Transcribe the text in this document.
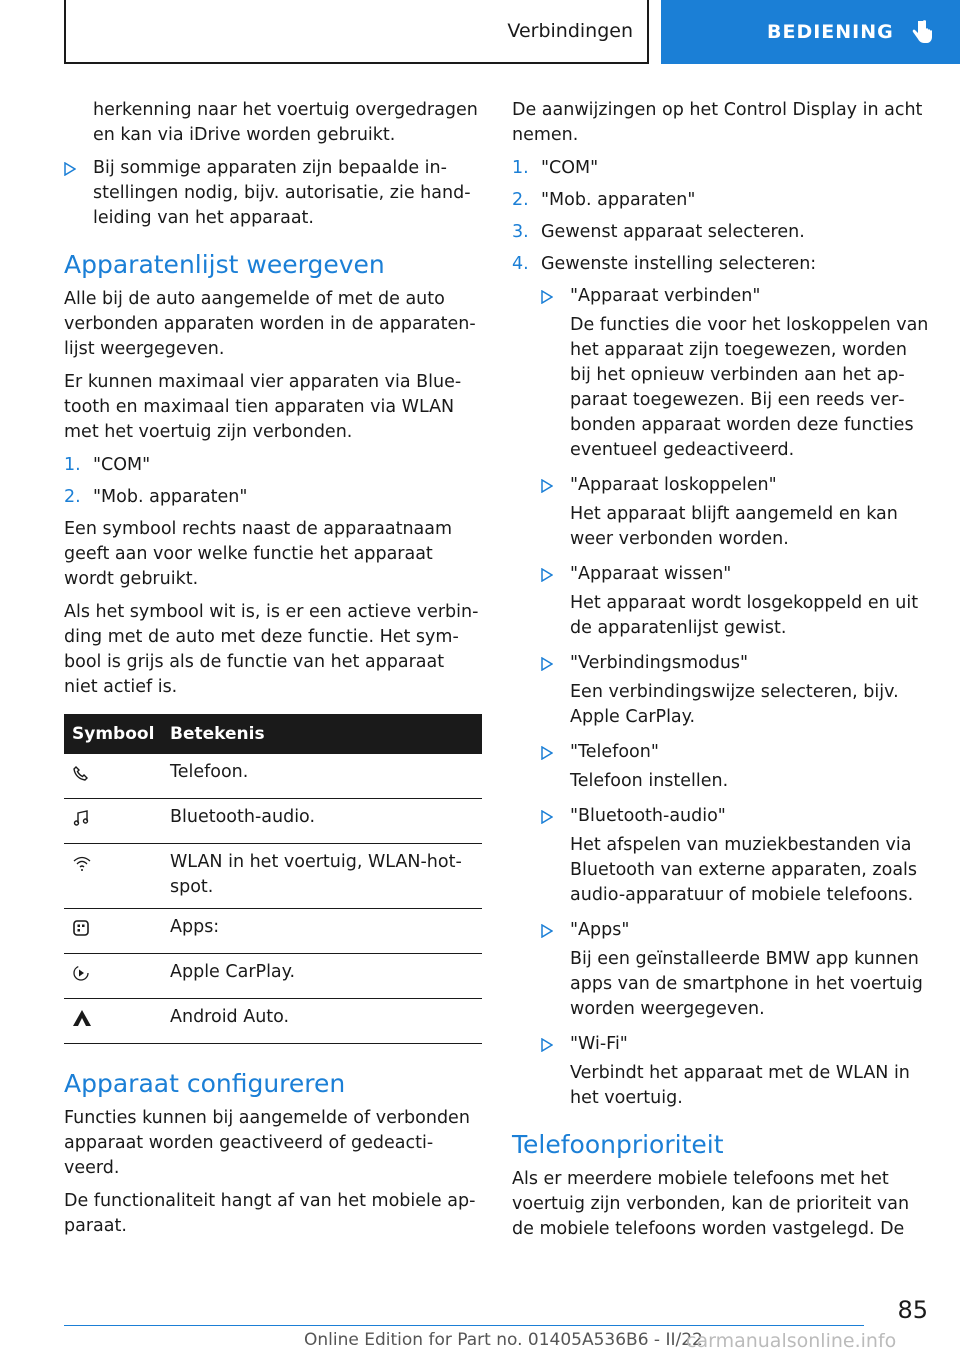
Verbindingen	BEDIENING

herkenning naar het voertuig overgedragen en kan via iDrive worden gebruikt.

Bij sommige apparaten zijn bepaalde instellingen nodig, bijv. autorisatie, zie handleiding van het apparaat.
Apparatenlijst weergeven

Alle bij de auto aangemelde of met de auto verbonden apparaten worden in de apparatenlijst weergegeven.

Er kunnen maximaal vier apparaten via Bluetooth en maximaal tien apparaten via WLAN met het voertuig zijn verbonden.

1. "COM"
2. "Mob. apparaten"

Een symbool rechts naast de apparaatnaam geeft aan voor welke functie het apparaat wordt gebruikt.

Als het symbool wit is, is er een actieve verbinding met de auto met deze functie. Het symbool is grijs als de functie van het apparaat niet actief is.

Symbool	Betekenis
	Telefoon.
	Bluetooth-audio.
	WLAN in het voertuig, WLAN-hotspot.
	Apps:
	Apple CarPlay.
	Android Auto.
Apparaat configureren

Functies kunnen bij aangemelde of verbonden apparaat worden geactiveerd of gedeactiveerd.

De functionaliteit hangt af van het mobiele apparaat.

De aanwijzingen op het Control Display in acht nemen.

1. "COM"
2. "Mob. apparaten"
3. Gewenst apparaat selecteren.
4. Gewenste instelling selecteren:
"Apparaat verbinden"

De functies die voor het loskoppelen van het apparaat zijn toegewezen, worden bij het opnieuw verbinden aan het apparaat toegewezen. Bij een reeds verbonden apparaat worden deze functies eventueel gedeactiveerd.

"Apparaat loskoppelen"

Het apparaat blijft aangemeld en kan weer verbonden worden.

"Apparaat wissen"

Het apparaat wordt losgekoppeld en uit de apparatenlijst gewist.

"Verbindingsmodus"

Een verbindingswijze selecteren, bijv. Apple CarPlay.

"Telefoon"

Telefoon instellen.

"Bluetooth-audio"

Het afspelen van muziekbestanden via Bluetooth van externe apparaten, zoals audio-apparatuur of mobiele telefoons.

"Apps"

Bij een geïnstalleerde BMW app kunnen apps van de smartphone in het voertuig worden weergegeven.

"Wi-Fi"

Verbindt het apparaat met de WLAN in het voertuig.

Telefoonprioriteit

Als er meerdere mobiele telefoons met het voertuig zijn verbonden, kan de prioriteit van de mobiele telefoons worden vastgelegd. De

85
Online Edition for Part no. 01405A536B6 - II/22
carmanualsonline.info
